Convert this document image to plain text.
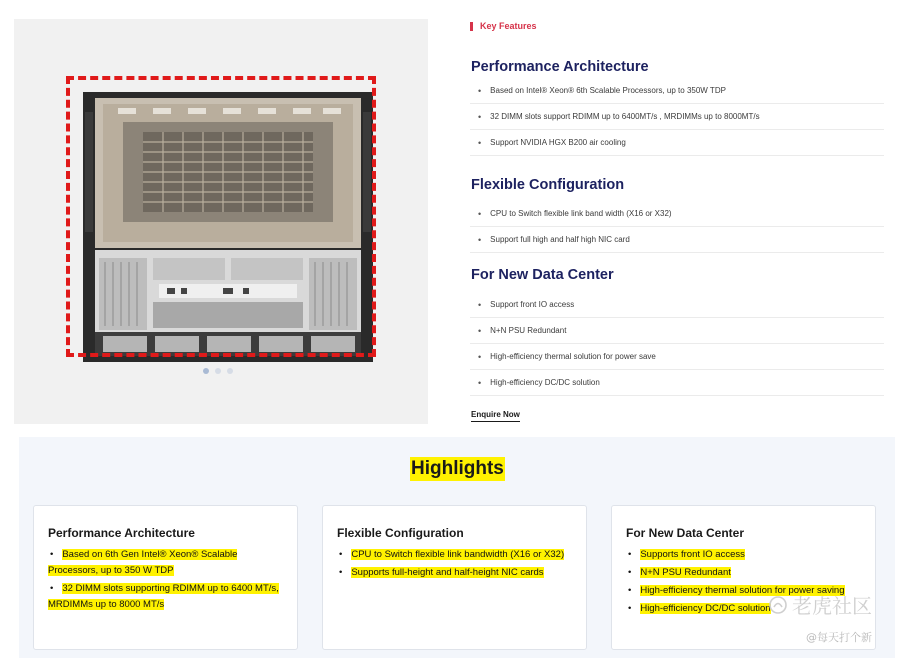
Key Features
Performance Architecture
• Based on Intel® Xeon® 6th Scalable Processors, up to 350W TDP
• 32 DIMM slots support RDIMM up to 6400MT/s , MRDIMMs up to 8000MT/s
• Support NVIDIA HGX B200 air cooling
Flexible Configuration
• CPU to Switch flexible link band width (X16 or X32)
• Support full high and half high NIC card
For New Data Center
• Support front IO access
• N+N PSU Redundant
• High-efficiency thermal solution for power save
• High-efficiency DC/DC solution
Enquire Now
Highlights
Performance Architecture
• Based on 6th Gen Intel® Xeon® Scalable Processors, up to 350 W TDP
• 32 DIMM slots supporting RDIMM up to 6400 MT/s, MRDIMMs up to 8000 MT/s
Flexible Configuration
• CPU to Switch flexible link bandwidth (X16 or X32)
• Supports full-height and half-height NIC cards
For New Data Center
• Supports front IO access
• N+N PSU Redundant
• High-efficiency thermal solution for power saving
• High-efficiency DC/DC solution	老虎社区
@每天打个新
